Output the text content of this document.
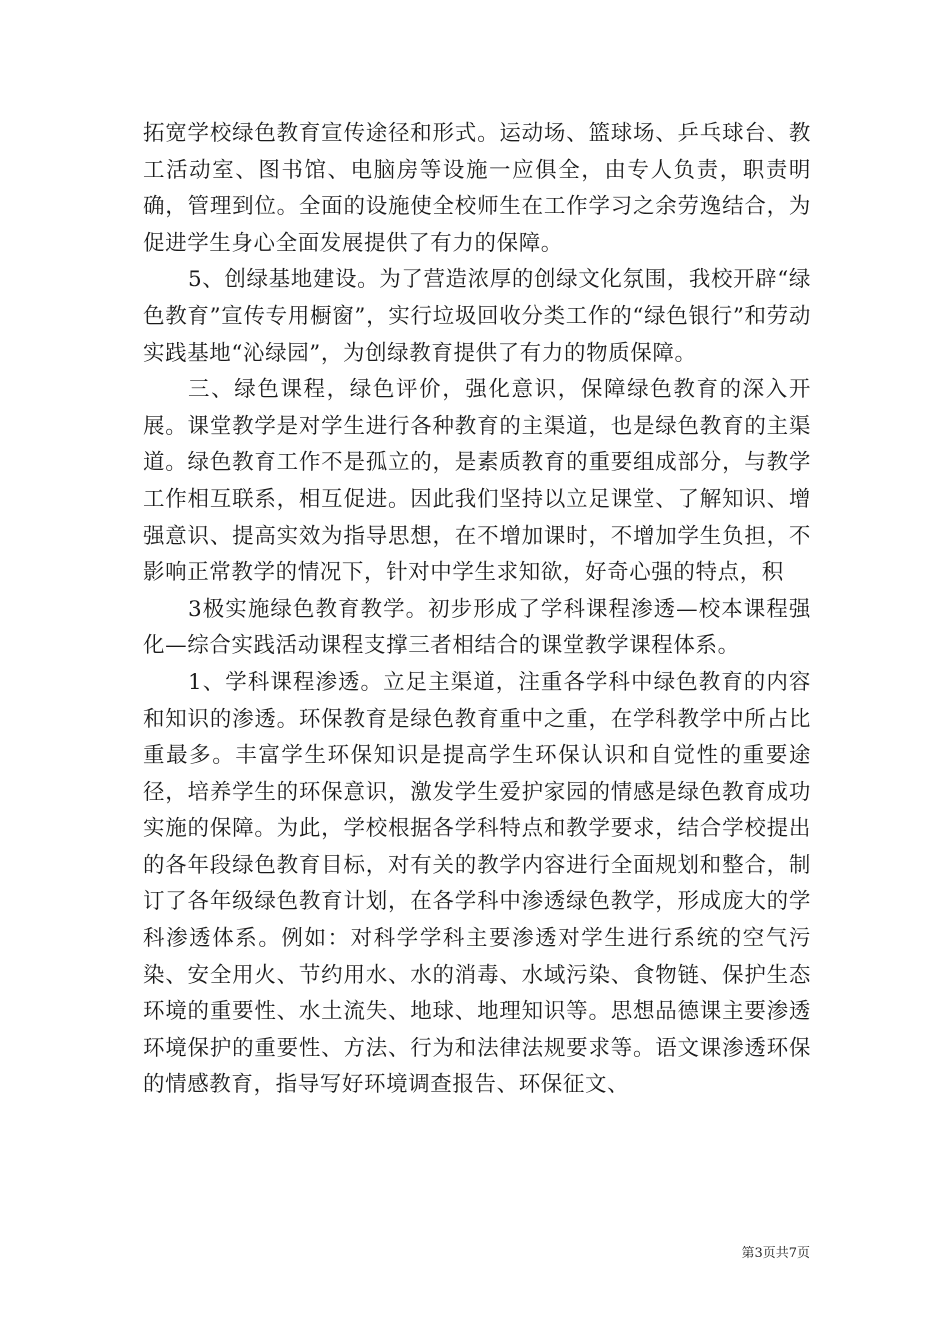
拓宽学校绿色教育宣传途径和形式。运动场、篮球场、乒乓球台、教工活动室、图书馆、电脑房等设施一应俱全，由专人负责，职责明确，管理到位。全面的设施使全校师生在工作学习之余劳逸结合，为促进学生身心全面发展提供了有力的保障。

5、创绿基地建设。为了营造浓厚的创绿文化氛围，我校开辟“绿色教育”宣传专用橱窗”，实行垃圾回收分类工作的“绿色银行”和劳动实践基地“沁绿园”，为创绿教育提供了有力的物质保障。

三、绿色课程，绿色评价，强化意识，保障绿色教育的深入开展。课堂教学是对学生进行各种教育的主渠道，也是绿色教育的主渠道。绿色教育工作不是孤立的，是素质教育的重要组成部分，与教学工作相互联系，相互促进。因此我们坚持以立足课堂、了解知识、增强意识、提高实效为指导思想，在不增加课时，不增加学生负担，不影响正常教学的情况下，针对中学生求知欲，好奇心强的特点，积

3极实施绿色教育教学。初步形成了学科课程渗透—校本课程强化—综合实践活动课程支撑三者相结合的课堂教学课程体系。

1、学科课程渗透。立足主渠道，注重各学科中绿色教育的内容和知识的渗透。环保教育是绿色教育重中之重，在学科教学中所占比重最多。丰富学生环保知识是提高学生环保认识和自觉性的重要途径，培养学生的环保意识，激发学生爱护家园的情感是绿色教育成功实施的保障。为此，学校根据各学科特点和教学要求，结合学校提出的各年段绿色教育目标，对有关的教学内容进行全面规划和整合，制订了各年级绿色教育计划，在各学科中渗透绿色教学，形成庞大的学科渗透体系。例如：对科学学科主要渗透对学生进行系统的空气污染、安全用火、节约用水、水的消毒、水域污染、食物链、保护生态环境的重要性、水土流失、地球、地理知识等。思想品德课主要渗透环境保护的重要性、方法、行为和法律法规要求等。语文课渗透环保的情感教育，指导写好环境调查报告、环保征文、

第3页共7页
